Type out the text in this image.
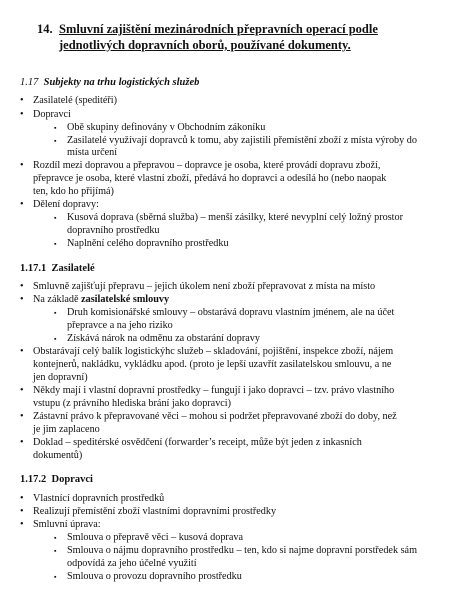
14. Smluvní zajištění mezinárodních přepravních operací podle
jednotlivých dopravních oborů, používané dokumenty.
1.17 Subjekty na trhu logistických služeb
• Zasilatelé (speditéři)
• Dopravci
▪ Obě skupiny definovány v Obchodním zákoníku
▪ Zasilatelé využívají dopravců k tomu, aby zajistili přemístění zboží z místa výroby do
místa určení
• Rozdíl mezi dopravou a přepravou – dopravce je osoba, které provádí dopravu zboží,
přepravce je osoba, které vlastní zboží, předává ho dopravci a odesílá ho (nebo naopak
ten, kdo ho přijímá)
• Dělení dopravy:
▪ Kusová doprava (sběrná služba) – menší zásilky, které nevyplní celý ložný prostor
dopravního prostředku
▪ Naplnění celého dopravního prostředku
1.17.1 Zasilatelé
• Smluvně zajišťují přepravu – jejich úkolem není zboží přepravovat z místa na místo
• Na základě zasilatelské smlouvy
▪ Druh komisionářské smlouvy – obstarává dopravu vlastním jménem, ale na účet
přepravce a na jeho riziko
▪ Získává nárok na odměnu za obstarání dopravy
• Obstarávají celý balík logistickýhc služeb – skladování, pojištění, inspekce zboží, nájem
kontejnerů, nakládku, vykládku apod. (proto je lepší uzavřít zasilatelskou smlouvu, a ne
jen dopravní)
• Někdy mají i vlastní dopravní prostředky – fungují i jako dopravci – tzv. právo vlastního
vstupu (z právního hlediska brání jako dopravci)
• Zástavní právo k přepravované věci – mohou si podržet přepravované zboží do doby, než
je jim zaplaceno
• Doklad – speditérské osvědčení (forwarder’s receipt, může být jeden z inkasních
dokumentů)
1.17.2 Dopravci
• Vlastnící dopravních prostředků
• Realizují přemístění zboží vlastními dopravními prostředky
• Smluvní úprava:
▪ Smlouva o přepravě věci – kusová doprava
▪ Smlouva o nájmu dopravního prostředku – ten, kdo si najme dopravní porstředek sám
odpovídá za jeho účelné využití
▪ Smlouva o provozu dopravního prostředku
